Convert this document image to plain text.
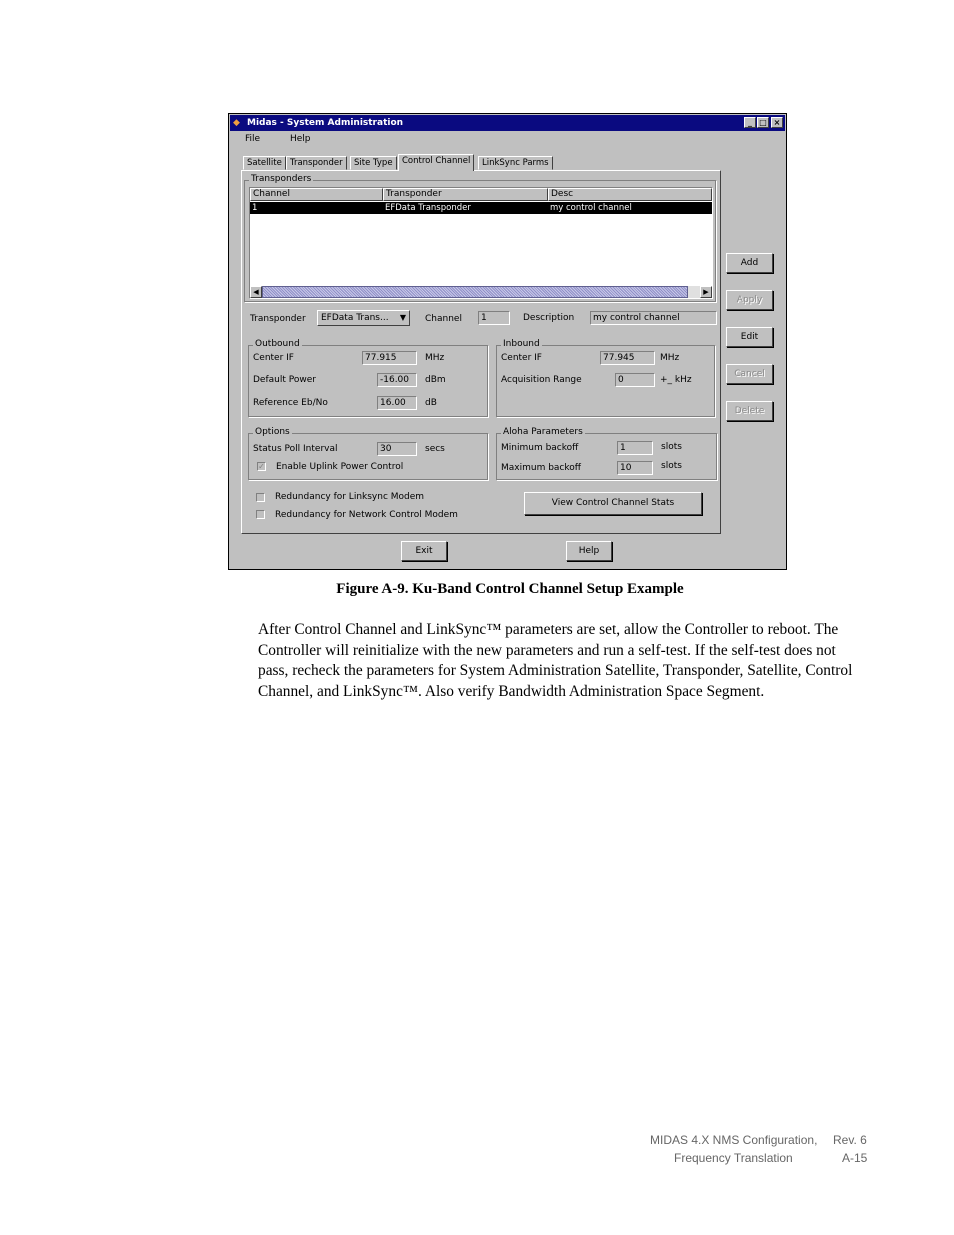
◆ Midas - System Administration	_ □ ×
File	Help
Satellite Transponder	Site Type	Control Channel	LinkSync Parms
Transponders
Channel	Transponder	Desc
1	EFData Transponder	my control channel
◀	▶
Transponder	EFData Trans... ▼ Channel	1	Description	my control channel
Outbound
Center IF	77.915	MHz
Default Power	-16.00	dBm
Reference Eb/No	16.00	dB
Inbound
Center IF	77.945	MHz
Acquisition Range	0	+_ kHz
Options
Status Poll Interval	30	secs
✓ Enable Uplink Power Control
Aloha Parameters
Minimum backoff	1	slots
Maximum backoff	10	slots
Redundancy for Linksync Modem
Redundancy for Network Control Modem
View Control Channel Stats
Add
Apply
Edit
Cancel
Delete
Exit	Help
Figure A-9. Ku-Band Control Channel Setup Example
After Control Channel and LinkSync™ parameters are set, allow the Controller to reboot. The Controller will reinitialize with the new parameters and run a self-test. If the self-test does not pass, recheck the parameters for System Administration Satellite, Transponder, Satellite, Control Channel, and LinkSync™. Also verify Bandwidth Administration Space Segment.
MIDAS 4.X NMS Configuration, Rev. 6
Frequency Translation	A-15
